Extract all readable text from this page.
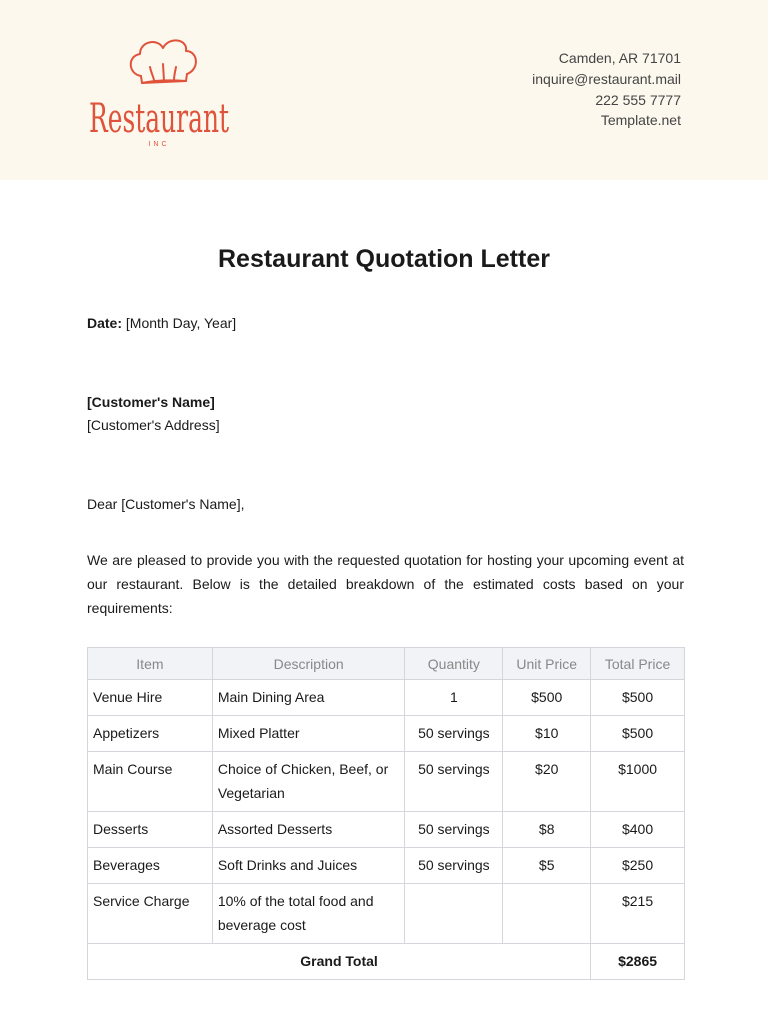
Restaurant
INC
Camden, AR 71701
inquire@restaurant.mail
222 555 7777
Template.net
Restaurant Quotation Letter
Date: [Month Day, Year]
[Customer's Name]
[Customer's Address]
Dear [Customer's Name],
We are pleased to provide you with the requested quotation for hosting your upcoming event at our restaurant. Below is the detailed breakdown of the estimated costs based on your requirements:
Item	Description	Quantity	Unit Price	Total Price
Venue Hire	Main Dining Area	1	$500	$500
Appetizers	Mixed Platter	50 servings	$10	$500
Main Course	Choice of Chicken, Beef, or Vegetarian	50 servings	$20	$1000
Desserts	Assorted Desserts	50 servings	$8	$400
Beverages	Soft Drinks and Juices	50 servings	$5	$250
Service Charge	10% of the total food and beverage cost			$215
Grand Total				$2865
